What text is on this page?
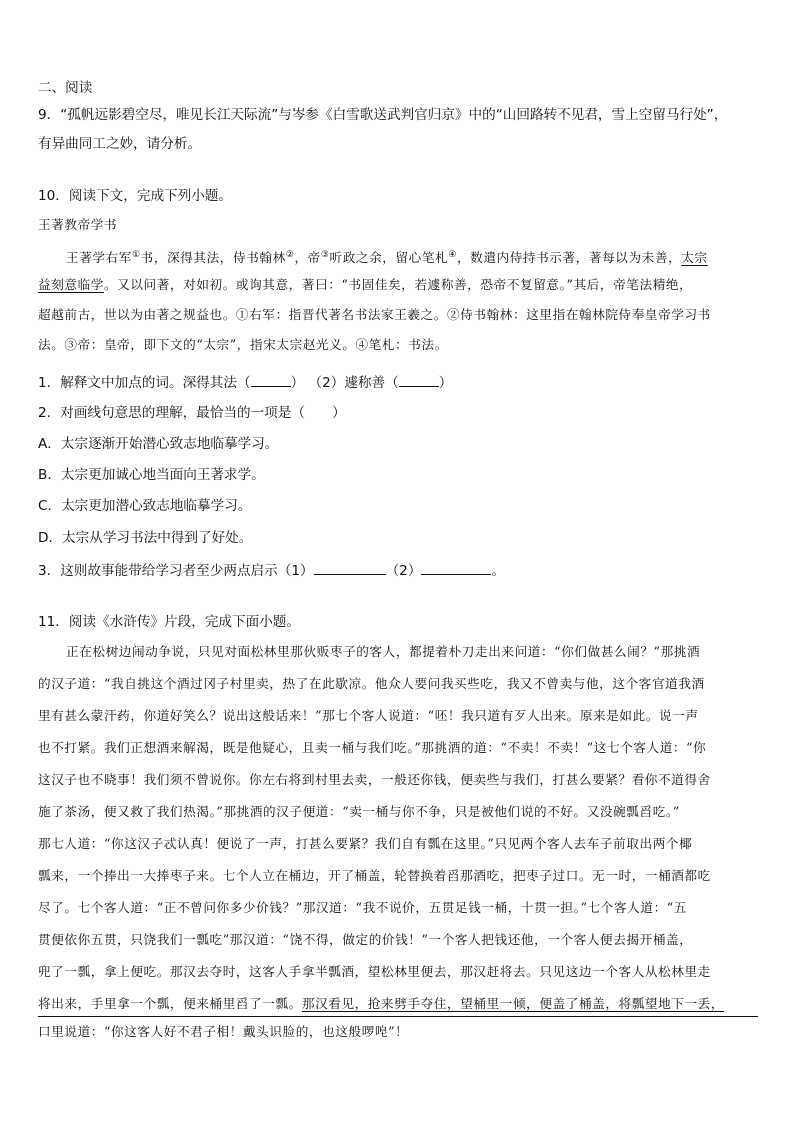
二、阅读
9．“孤帆远影碧空尽，唯见长江天际流”与岑参《白雪歌送武判官归京》中的“山回路转不见君，雪上空留马行处”，
有异曲同工之妙，请分析。
10．阅读下文，完成下列小题。
王著教帝学书
王著学右军①书，深得其法，侍书翰林②，帝③听政之余，留心笔札④，数遣内侍持书示著，著每以为未善，太宗
益刻意临学。又以问著，对如初。或询其意，著曰：“书固佳矣，若遽称善，恐帝不复留意。”其后，帝笔法精绝，
超越前古，世以为由著之规益也。①右军：指晋代著名书法家王羲之。②侍书翰林：这里指在翰林院侍奉皇帝学习书
法。③帝：皇帝，即下文的“太宗”，指宋太宗赵光义。④笔札：书法。
1．解释文中加点的词。深得其法（	） （2）遽称善（	）
2．对画线句意思的理解，最恰当的一项是（　　）
A．太宗逐渐开始潜心致志地临摹学习。
B．太宗更加诚心地当面向王著求学。
C．太宗更加潜心致志地临摹学习。
D．太宗从学习书法中得到了好处。
3．这则故事能带给学习者至少两点启示（1）	（2）	。
11．阅读《水浒传》片段，完成下面小题。
正在松树边闹动争说，只见对面松林里那伙贩枣子的客人，都提着朴刀走出来问道：“你们做甚么闹？”那挑酒
的汉子道：“我自挑这个酒过冈子村里卖，热了在此歇凉。他众人要问我买些吃，我又不曾卖与他，这个客官道我酒
里有甚么蒙汗药，你道好笑么？说出这般话来！”那七个客人说道：“呸！我只道有歹人出来。原来是如此。说一声
也不打紧。我们正想酒来解渴，既是他疑心，且卖一桶与我们吃。”那挑酒的道：“不卖！不卖！”这七个客人道：“你
这汉子也不晓事！我们须不曾说你。你左右将到村里去卖，一般还你钱，便卖些与我们，打甚么要紧？看你不道得舍
施了茶汤，便又救了我们热渴。”那挑酒的汉子便道：“卖一桶与你不争，只是被他们说的不好。又没碗瓢舀吃。”
那七人道：“你这汉子忒认真！便说了一声，打甚么要紧？我们自有瓢在这里。”只见两个客人去车子前取出两个椰
瓢来，一个捧出一大捧枣子来。七个人立在桶边，开了桶盖，轮替换着舀那酒吃，把枣子过口。无一时，一桶酒都吃
尽了。七个客人道：“正不曾问你多少价钱？”那汉道：“我不说价，五贯足钱一桶，十贯一担。”七个客人道：“五
贯便依你五贯，只饶我们一瓢吃”那汉道：“饶不得，做定的价钱！”一个客人把钱还他，一个客人便去揭开桶盖，
兜了一瓢，拿上便吃。那汉去夺时，这客人手拿半瓢酒，望松林里便去，那汉赶将去。只见这边一个客人从松林里走
将出来，手里拿一个瓢，便来桶里舀了一瓢。那汉看见，抢来劈手夺住，望桶里一倾，便盖了桶盖，将瓢望地下一丢，
口里说道：“你这客人好不君子相！戴头识脸的，也这般啰唣”！
